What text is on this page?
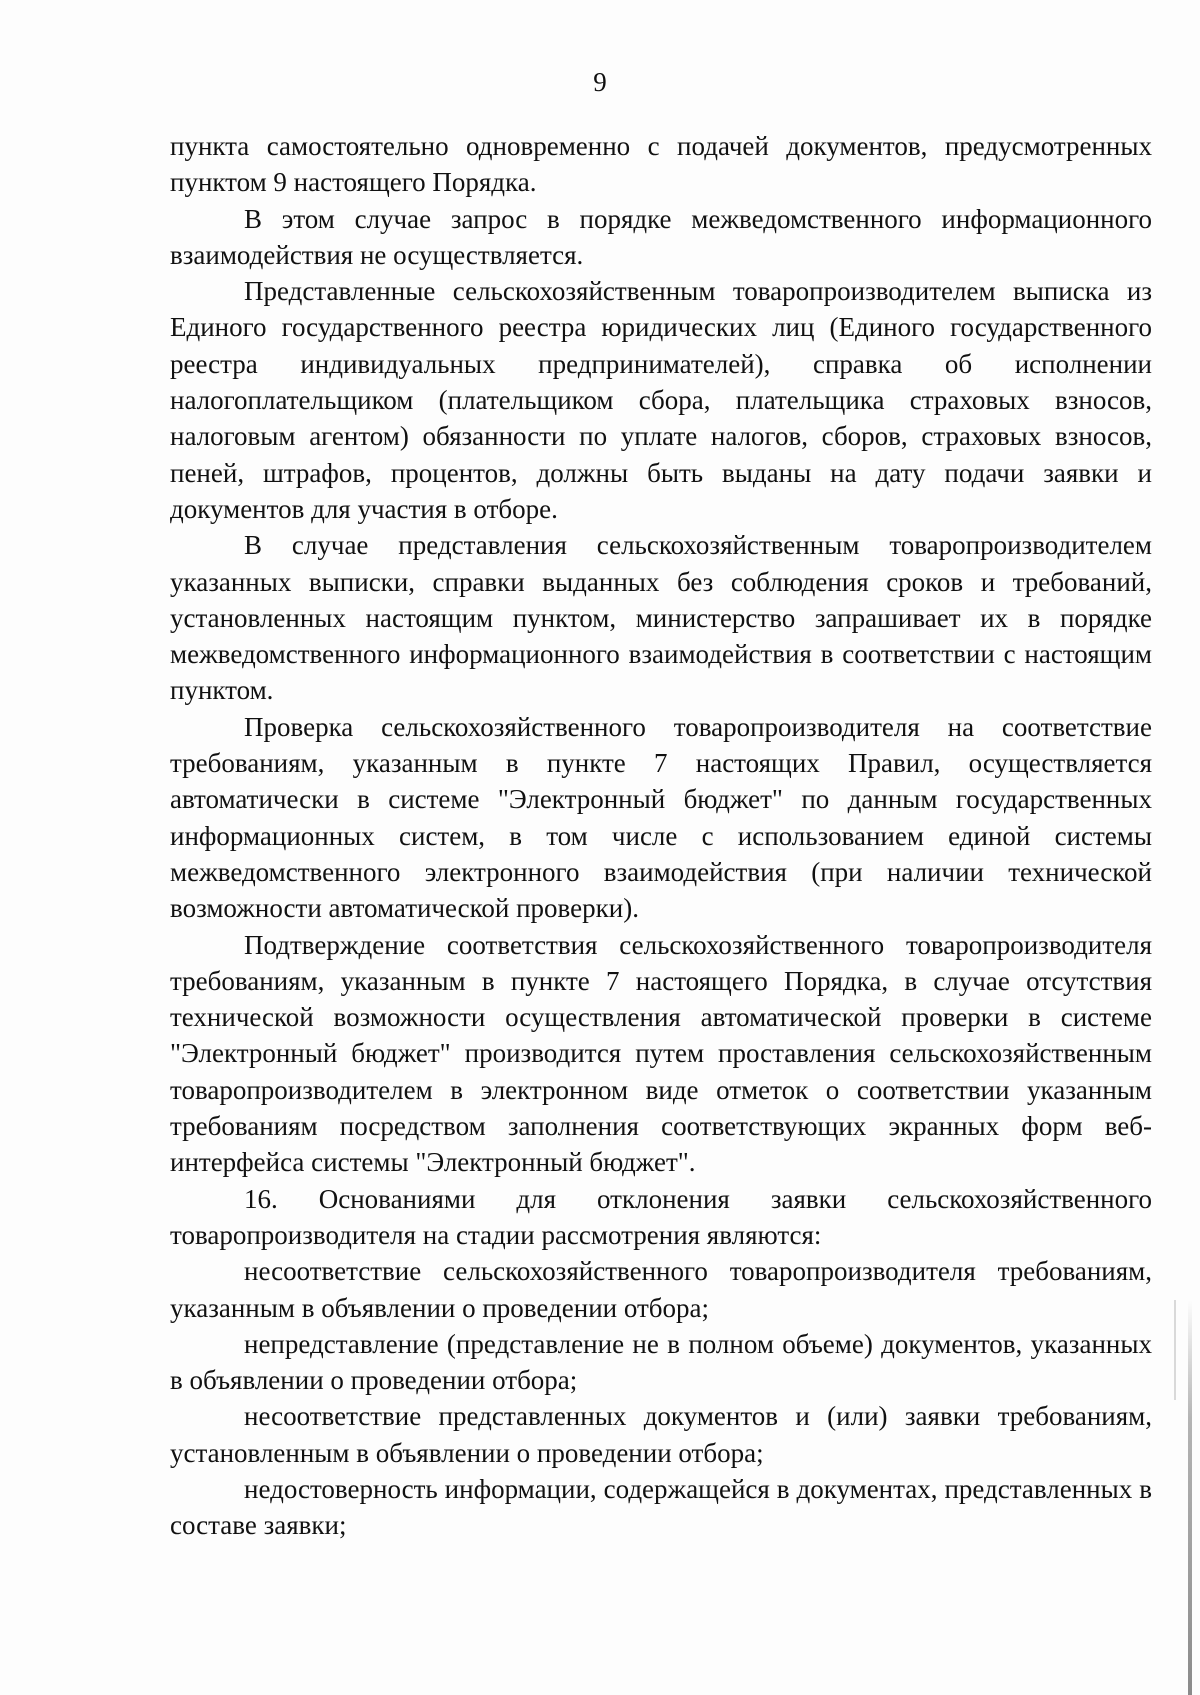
9

пункта самостоятельно одновременно с подачей документов, предусмотренных пунктом 9 настоящего Порядка.

В этом случае запрос в порядке межведомственного информационного взаимодействия не осуществляется.

Представленные сельскохозяйственным товаропроизводителем выписка из Единого государственного реестра юридических лиц (Единого государственного реестра индивидуальных предпринимателей), справка об исполнении налогоплательщиком (плательщиком сбора, плательщика страховых взносов, налоговым агентом) обязанности по уплате налогов, сборов, страховых взносов, пеней, штрафов, процентов, должны быть выданы на дату подачи заявки и документов для участия в отборе.

В случае представления сельскохозяйственным товаропроизводителем указанных выписки, справки выданных без соблюдения сроков и требований, установленных настоящим пунктом, министерство запрашивает их в порядке межведомственного информационного взаимодействия в соответствии с настоящим пунктом.

Проверка сельскохозяйственного товаропроизводителя на соответствие требованиям, указанным в пункте 7 настоящих Правил, осуществляется автоматически в системе "Электронный бюджет" по данным государственных информационных систем, в том числе с использованием единой системы межведомственного электронного взаимодействия (при наличии технической возможности автоматической проверки).

Подтверждение соответствия сельскохозяйственного товаропроизводителя требованиям, указанным в пункте 7 настоящего Порядка, в случае отсутствия технической возможности осуществления автоматической проверки в системе "Электронный бюджет" производится путем проставления сельскохозяйственным товаропроизводителем в электронном виде отметок о соответствии указанным требованиям посредством заполнения соответствующих экранных форм веб-интерфейса системы "Электронный бюджет".

16. Основаниями для отклонения заявки сельскохозяйственного товаропроизводителя на стадии рассмотрения являются:

несоответствие сельскохозяйственного товаропроизводителя требованиям, указанным в объявлении о проведении отбора;

непредставление (представление не в полном объеме) документов, указанных в объявлении о проведении отбора;

несоответствие представленных документов и (или) заявки требованиям, установленным в объявлении о проведении отбора;

недостоверность информации, содержащейся в документах, представленных в составе заявки;
